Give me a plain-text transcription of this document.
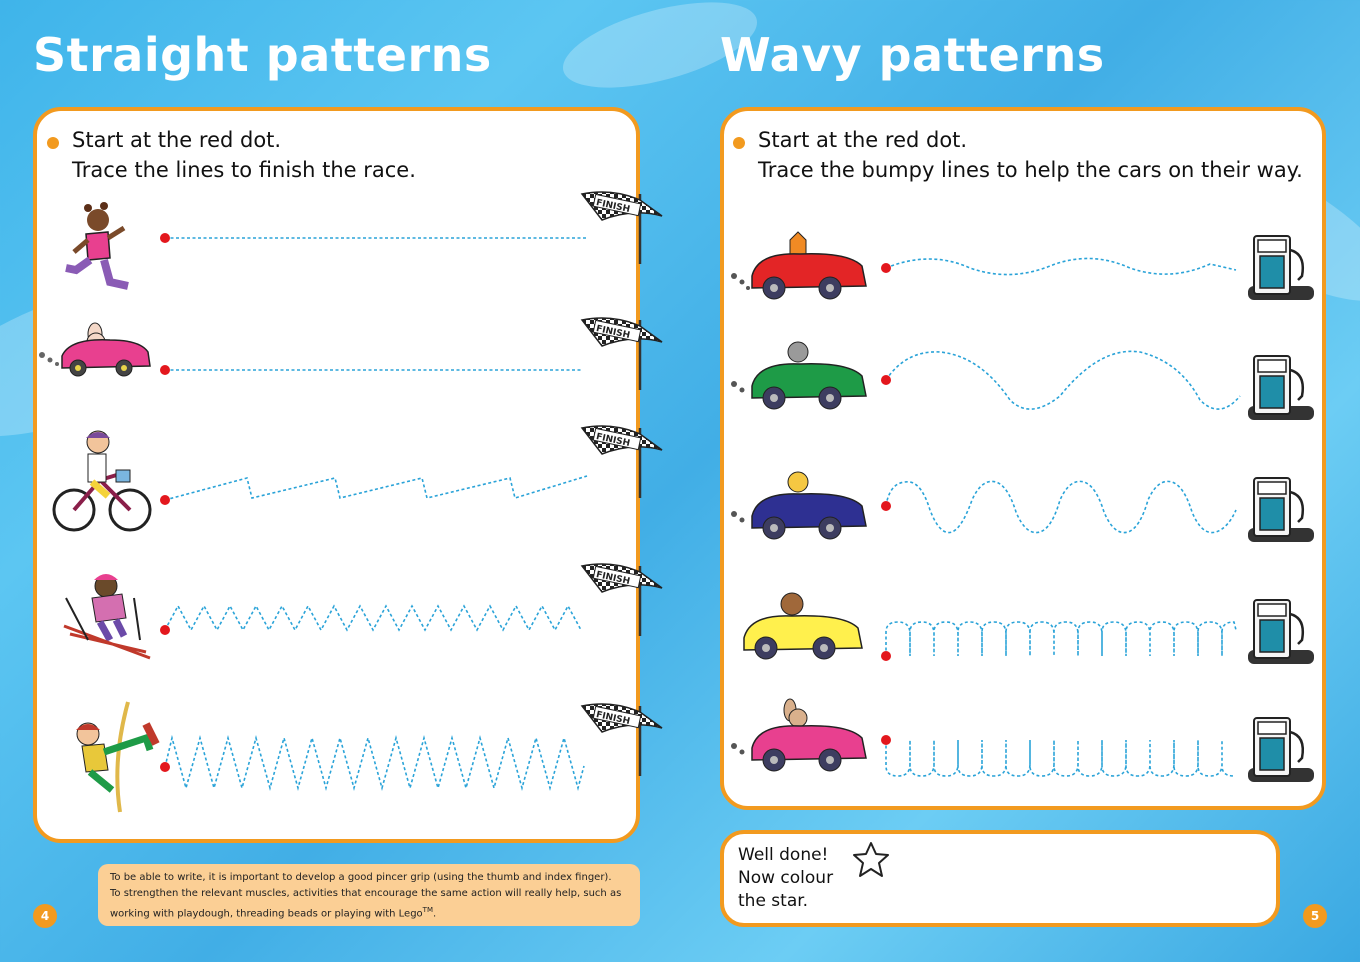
Straight patterns
Start at the red dot.
Trace the lines to finish the race.
Wavy patterns
Start at the red dot.
Trace the bumpy lines to help the cars on their way.
FINISH
FINISH
FINISH
FINISH
FINISH
To be able to write, it is important to develop a good pincer grip (using the thumb and index finger).
To strengthen the relevant muscles, activities that encourage the same action will really help, such as
working with playdough, threading beads or playing with Lego™.
4	5
Well done!
Now colour
the star.
